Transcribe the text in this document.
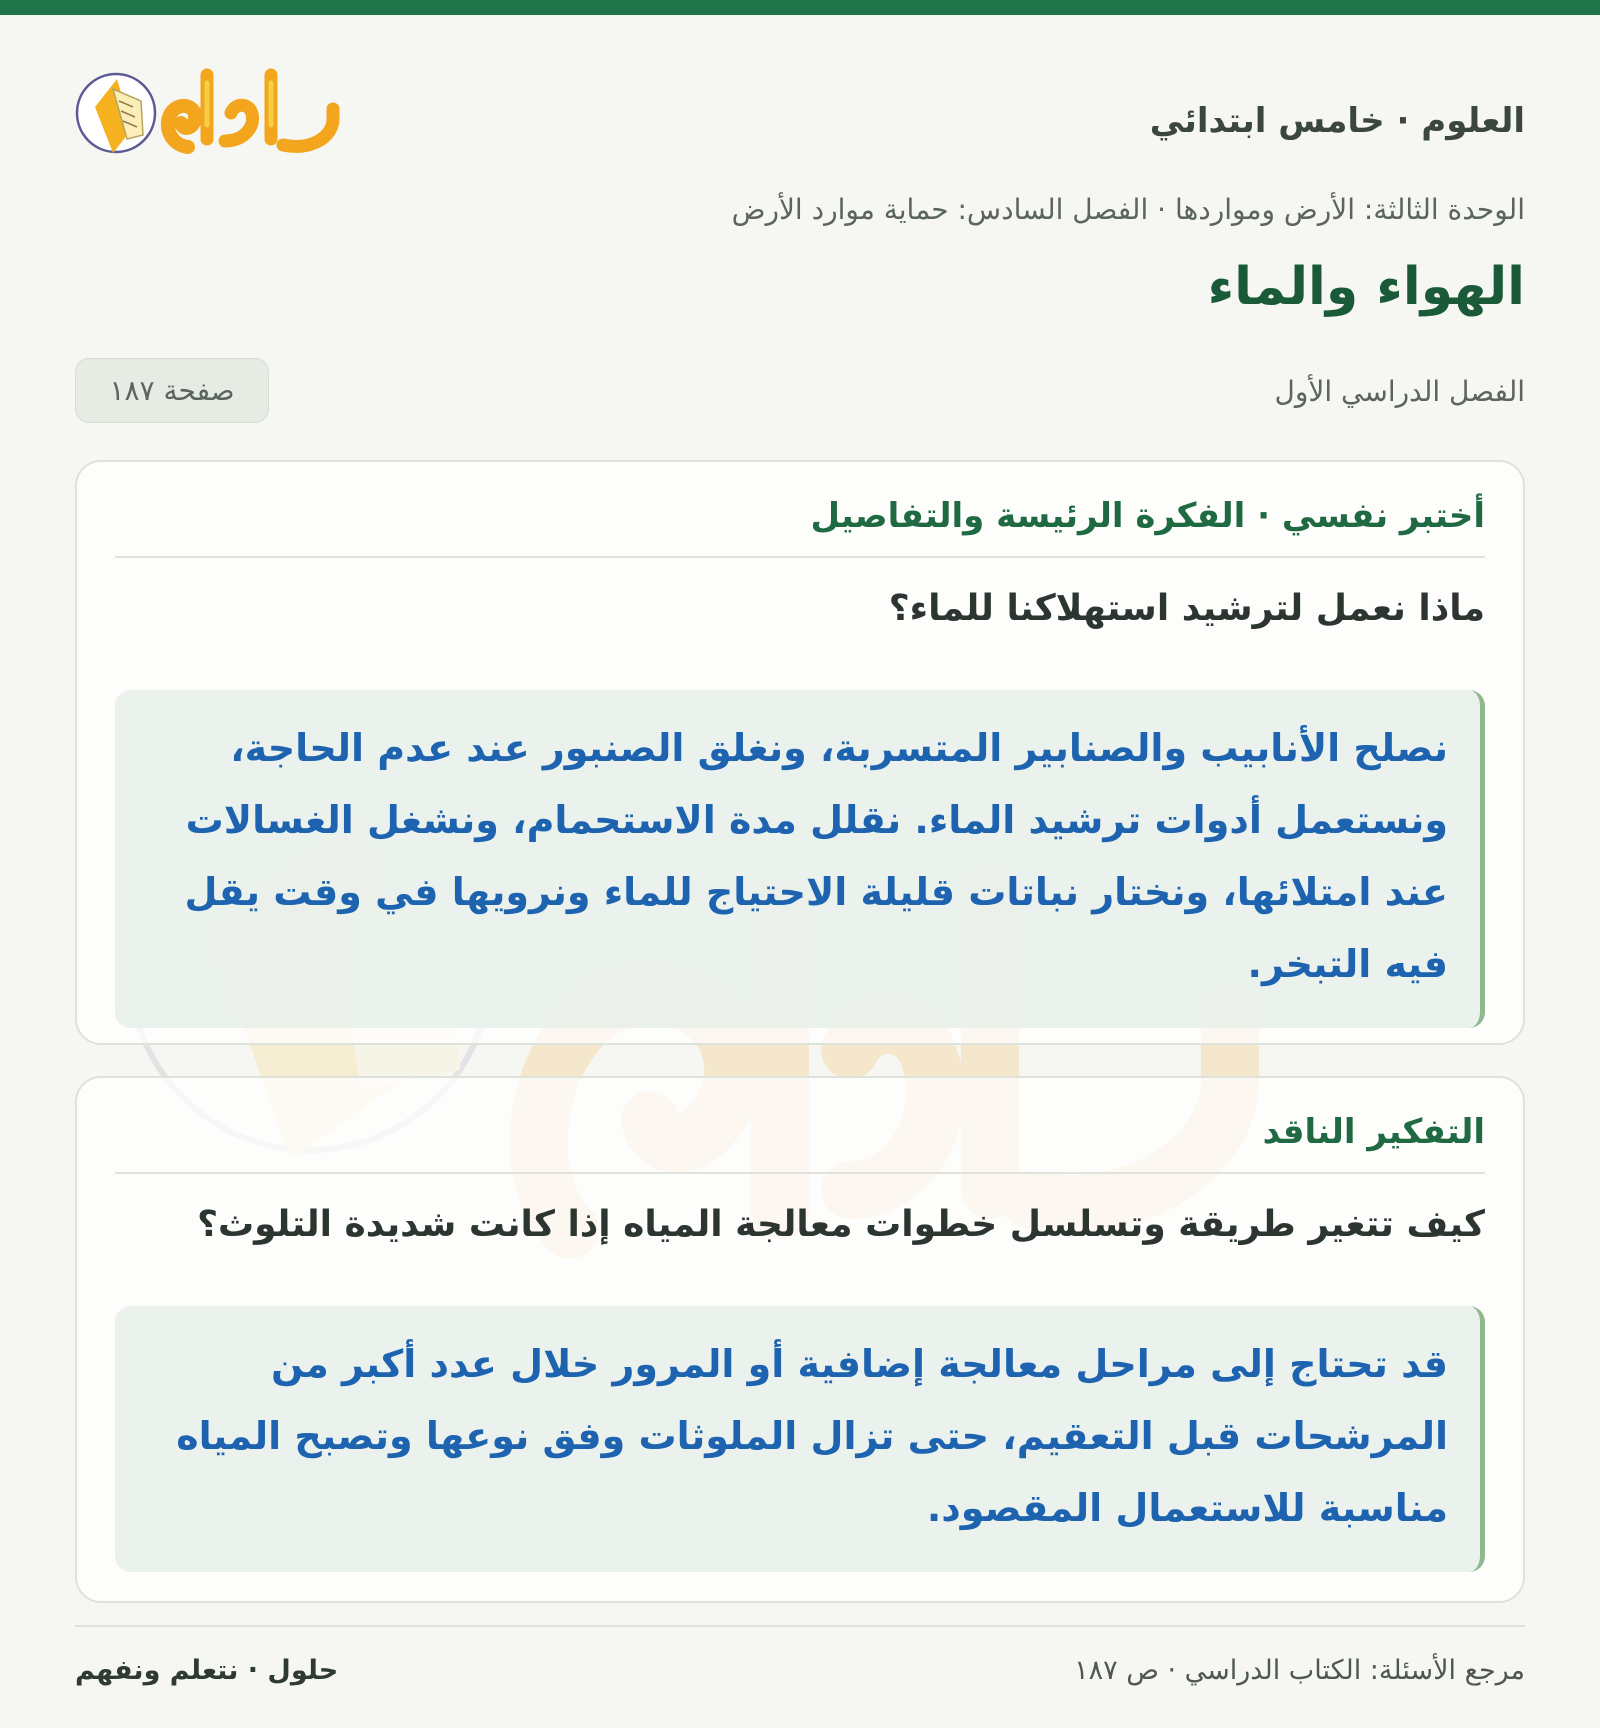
العلوم · خامس ابتدائي
الوحدة الثالثة: الأرض ومواردها · الفصل السادس: حماية موارد الأرض
الهواء والماء
الفصل الدراسي الأول
صفحة ١٨٧
أختبر نفسي · الفكرة الرئيسة والتفاصيل

ماذا نعمل لترشيد استهلاكنا للماء؟

نصلح الأنابيب والصنابير المتسربة، ونغلق الصنبور عند عدم الحاجة، ونستعمل أدوات ترشيد الماء. نقلل مدة الاستحمام، ونشغل الغسالات عند امتلائها، ونختار نباتات قليلة الاحتياج للماء ونرويها في وقت يقل فيه التبخر.
التفكير الناقد

كيف تتغير طريقة وتسلسل خطوات معالجة المياه إذا كانت شديدة التلوث؟

قد تحتاج إلى مراحل معالجة إضافية أو المرور خلال عدد أكبر من المرشحات قبل التعقيم، حتى تزال الملوثات وفق نوعها وتصبح المياه مناسبة للاستعمال المقصود.
مرجع الأسئلة: الكتاب الدراسي · ص ١٨٧
حلول · نتعلم ونفهم
